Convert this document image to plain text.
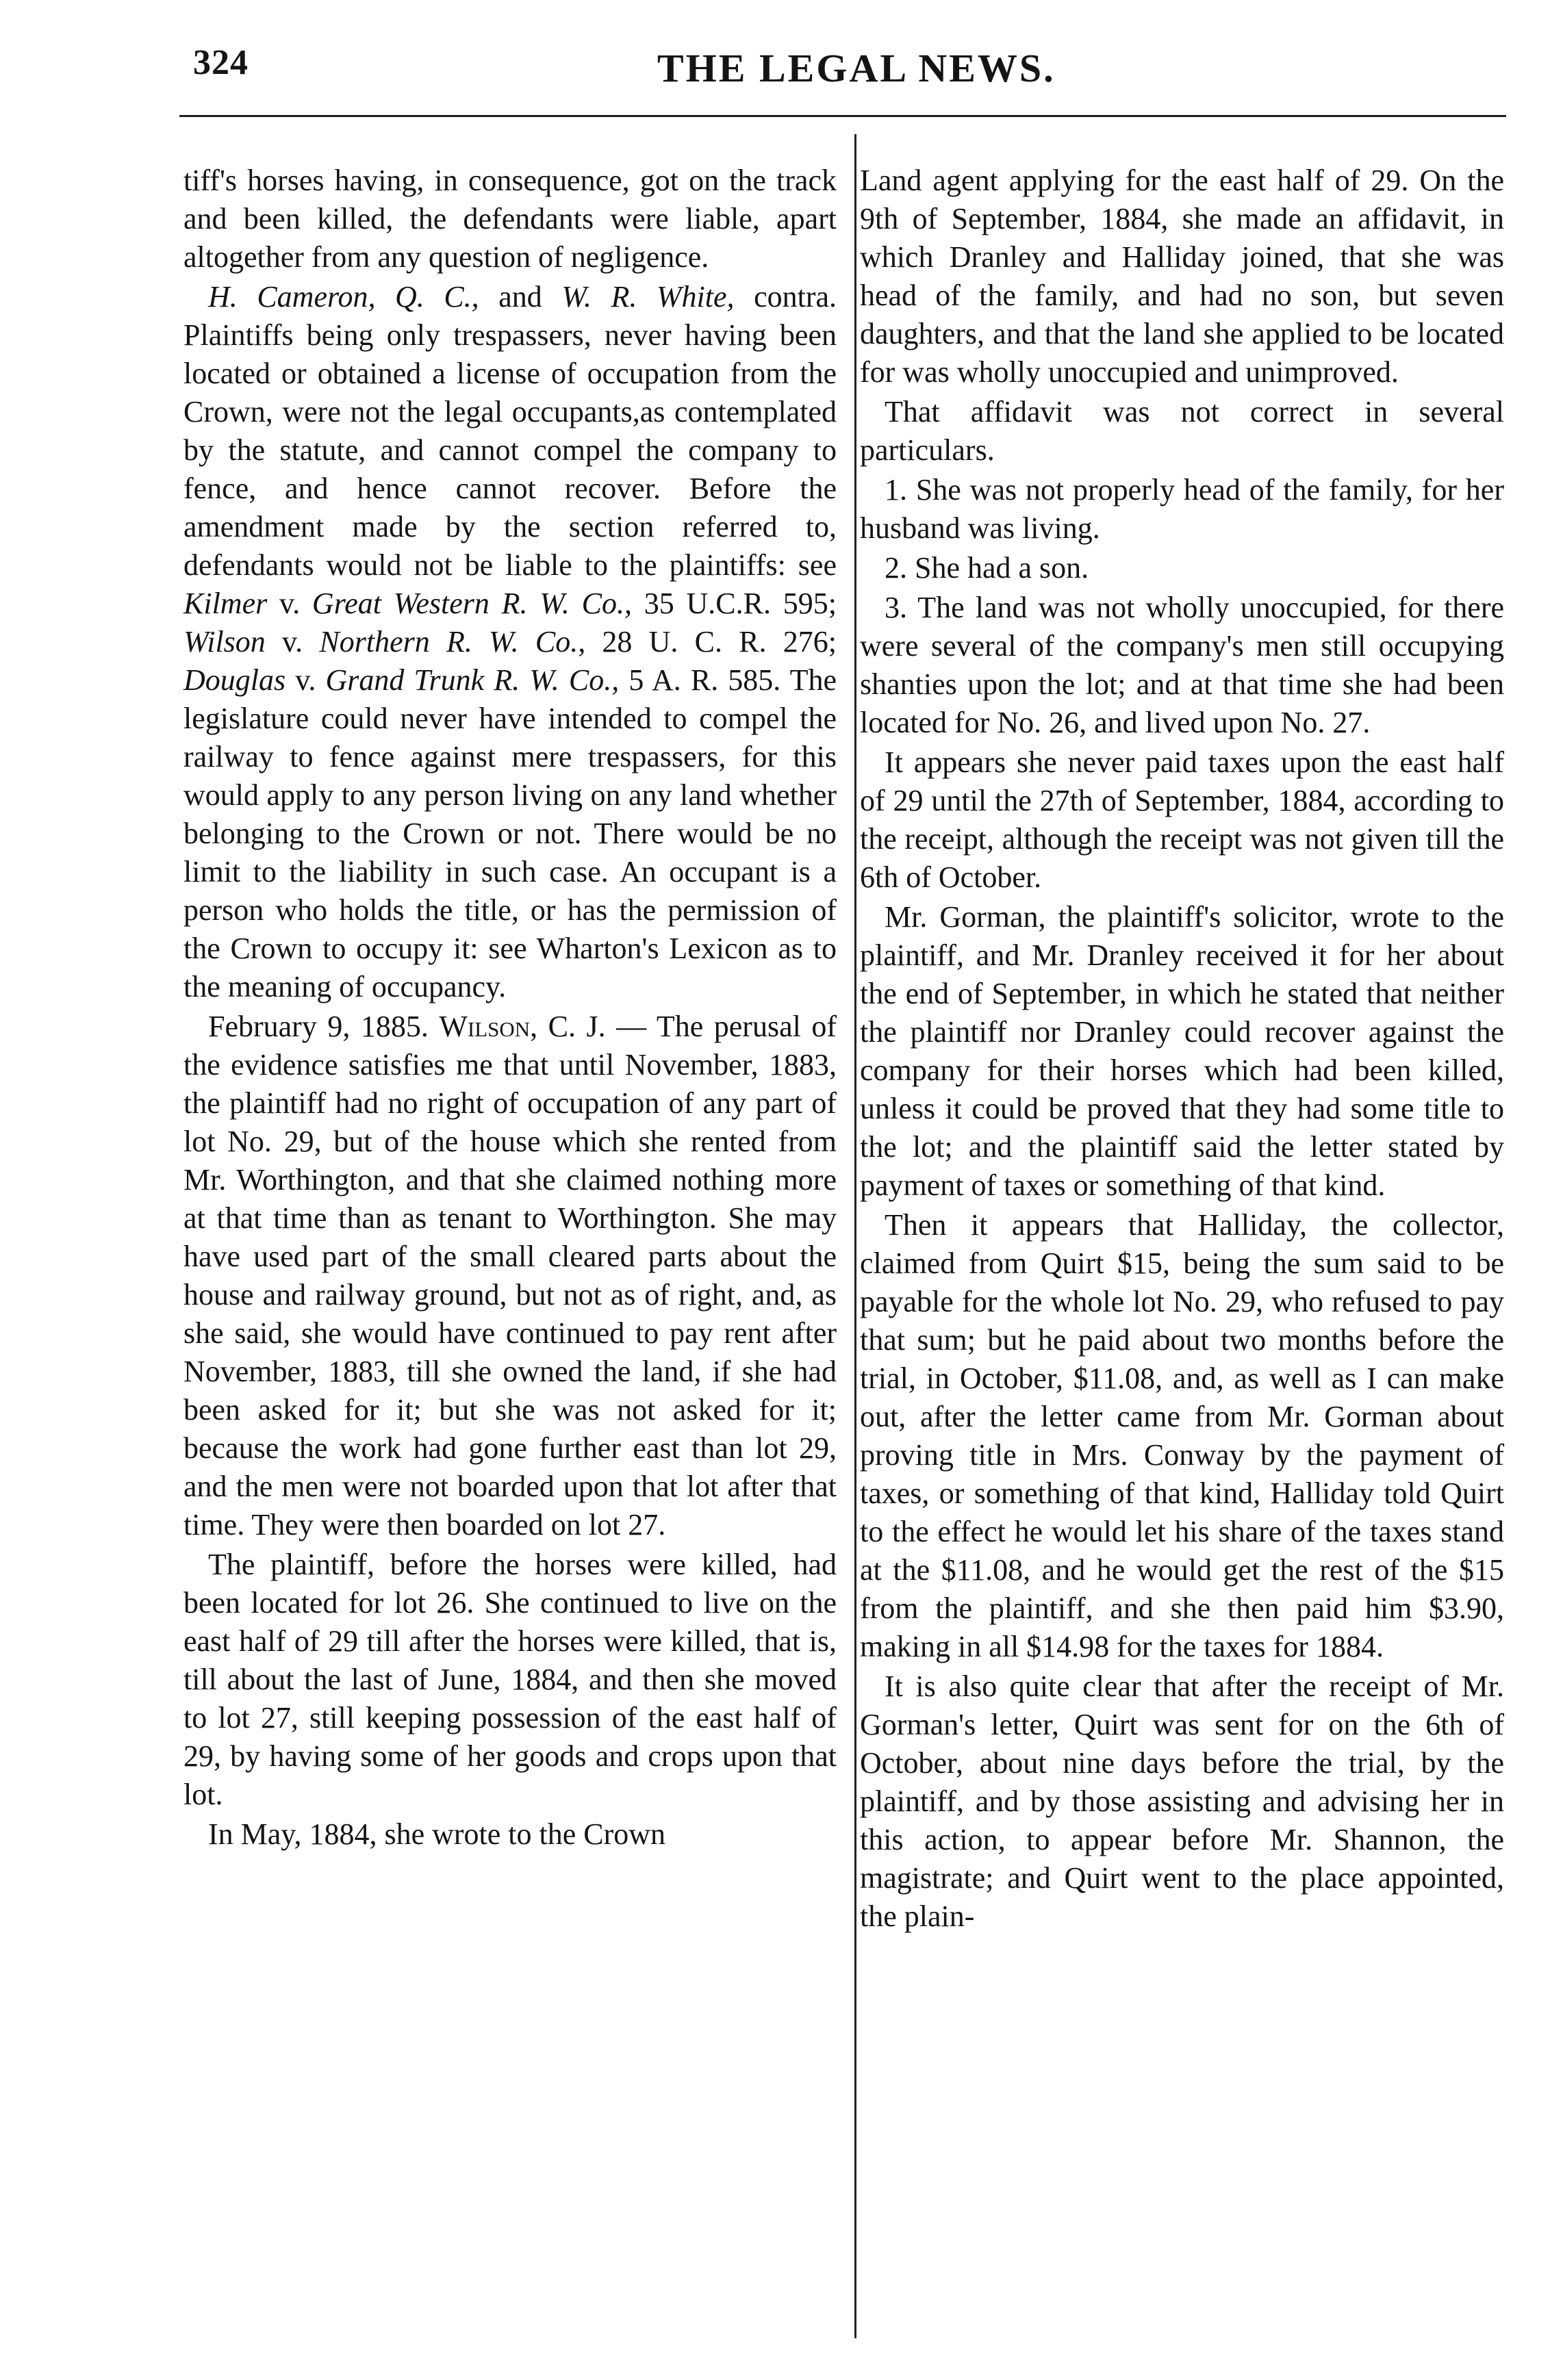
324	THE LEGAL NEWS.

tiff's horses having, in consequence, got on the track and been killed, the defendants were liable, apart altogether from any question of negligence.

H. Cameron, Q. C., and W. R. White, contra. Plaintiffs being only trespassers, never having been located or obtained a license of occupation from the Crown, were not the legal occupants,as contemplated by the statute, and cannot compel the company to fence, and hence cannot recover. Before the amendment made by the section referred to, defendants would not be liable to the plaintiffs: see Kilmer v. Great Western R. W. Co., 35 U.C.R. 595; Wilson v. Northern R. W. Co., 28 U. C. R. 276; Douglas v. Grand Trunk R. W. Co., 5 A. R. 585. The legislature could never have intended to compel the railway to fence against mere trespassers, for this would apply to any person living on any land whether belonging to the Crown or not. There would be no limit to the liability in such case. An occupant is a person who holds the title, or has the permission of the Crown to occupy it: see Wharton's Lexicon as to the meaning of occupancy.

February 9, 1885. Wilson, C. J. — The perusal of the evidence satisfies me that until November, 1883, the plaintiff had no right of occupation of any part of lot No. 29, but of the house which she rented from Mr. Worthington, and that she claimed nothing more at that time than as tenant to Worthington. She may have used part of the small cleared parts about the house and railway ground, but not as of right, and, as she said, she would have continued to pay rent after November, 1883, till she owned the land, if she had been asked for it; but she was not asked for it; because the work had gone further east than lot 29, and the men were not boarded upon that lot after that time. They were then boarded on lot 27.

The plaintiff, before the horses were killed, had been located for lot 26. She continued to live on the east half of 29 till after the horses were killed, that is, till about the last of June, 1884, and then she moved to lot 27, still keeping possession of the east half of 29, by having some of her goods and crops upon that lot.

In May, 1884, she wrote to the Crown

Land agent applying for the east half of 29. On the 9th of September, 1884, she made an affidavit, in which Dranley and Halliday joined, that she was head of the family, and had no son, but seven daughters, and that the land she applied to be located for was wholly unoccupied and unimproved.

That affidavit was not correct in several particulars.

1. She was not properly head of the family, for her husband was living.

2. She had a son.

3. The land was not wholly unoccupied, for there were several of the company's men still occupying shanties upon the lot; and at that time she had been located for No. 26, and lived upon No. 27.

It appears she never paid taxes upon the east half of 29 until the 27th of September, 1884, according to the receipt, although the receipt was not given till the 6th of October.

Mr. Gorman, the plaintiff's solicitor, wrote to the plaintiff, and Mr. Dranley received it for her about the end of September, in which he stated that neither the plaintiff nor Dranley could recover against the company for their horses which had been killed, unless it could be proved that they had some title to the lot; and the plaintiff said the letter stated by payment of taxes or something of that kind.

Then it appears that Halliday, the collector, claimed from Quirt $15, being the sum said to be payable for the whole lot No. 29, who refused to pay that sum; but he paid about two months before the trial, in October, $11.08, and, as well as I can make out, after the letter came from Mr. Gorman about proving title in Mrs. Conway by the payment of taxes, or something of that kind, Halliday told Quirt to the effect he would let his share of the taxes stand at the $11.08, and he would get the rest of the $15 from the plaintiff, and she then paid him $3.90, making in all $14.98 for the taxes for 1884.

It is also quite clear that after the receipt of Mr. Gorman's letter, Quirt was sent for on the 6th of October, about nine days before the trial, by the plaintiff, and by those assisting and advising her in this action, to appear before Mr. Shannon, the magistrate; and Quirt went to the place appointed, the plain-
